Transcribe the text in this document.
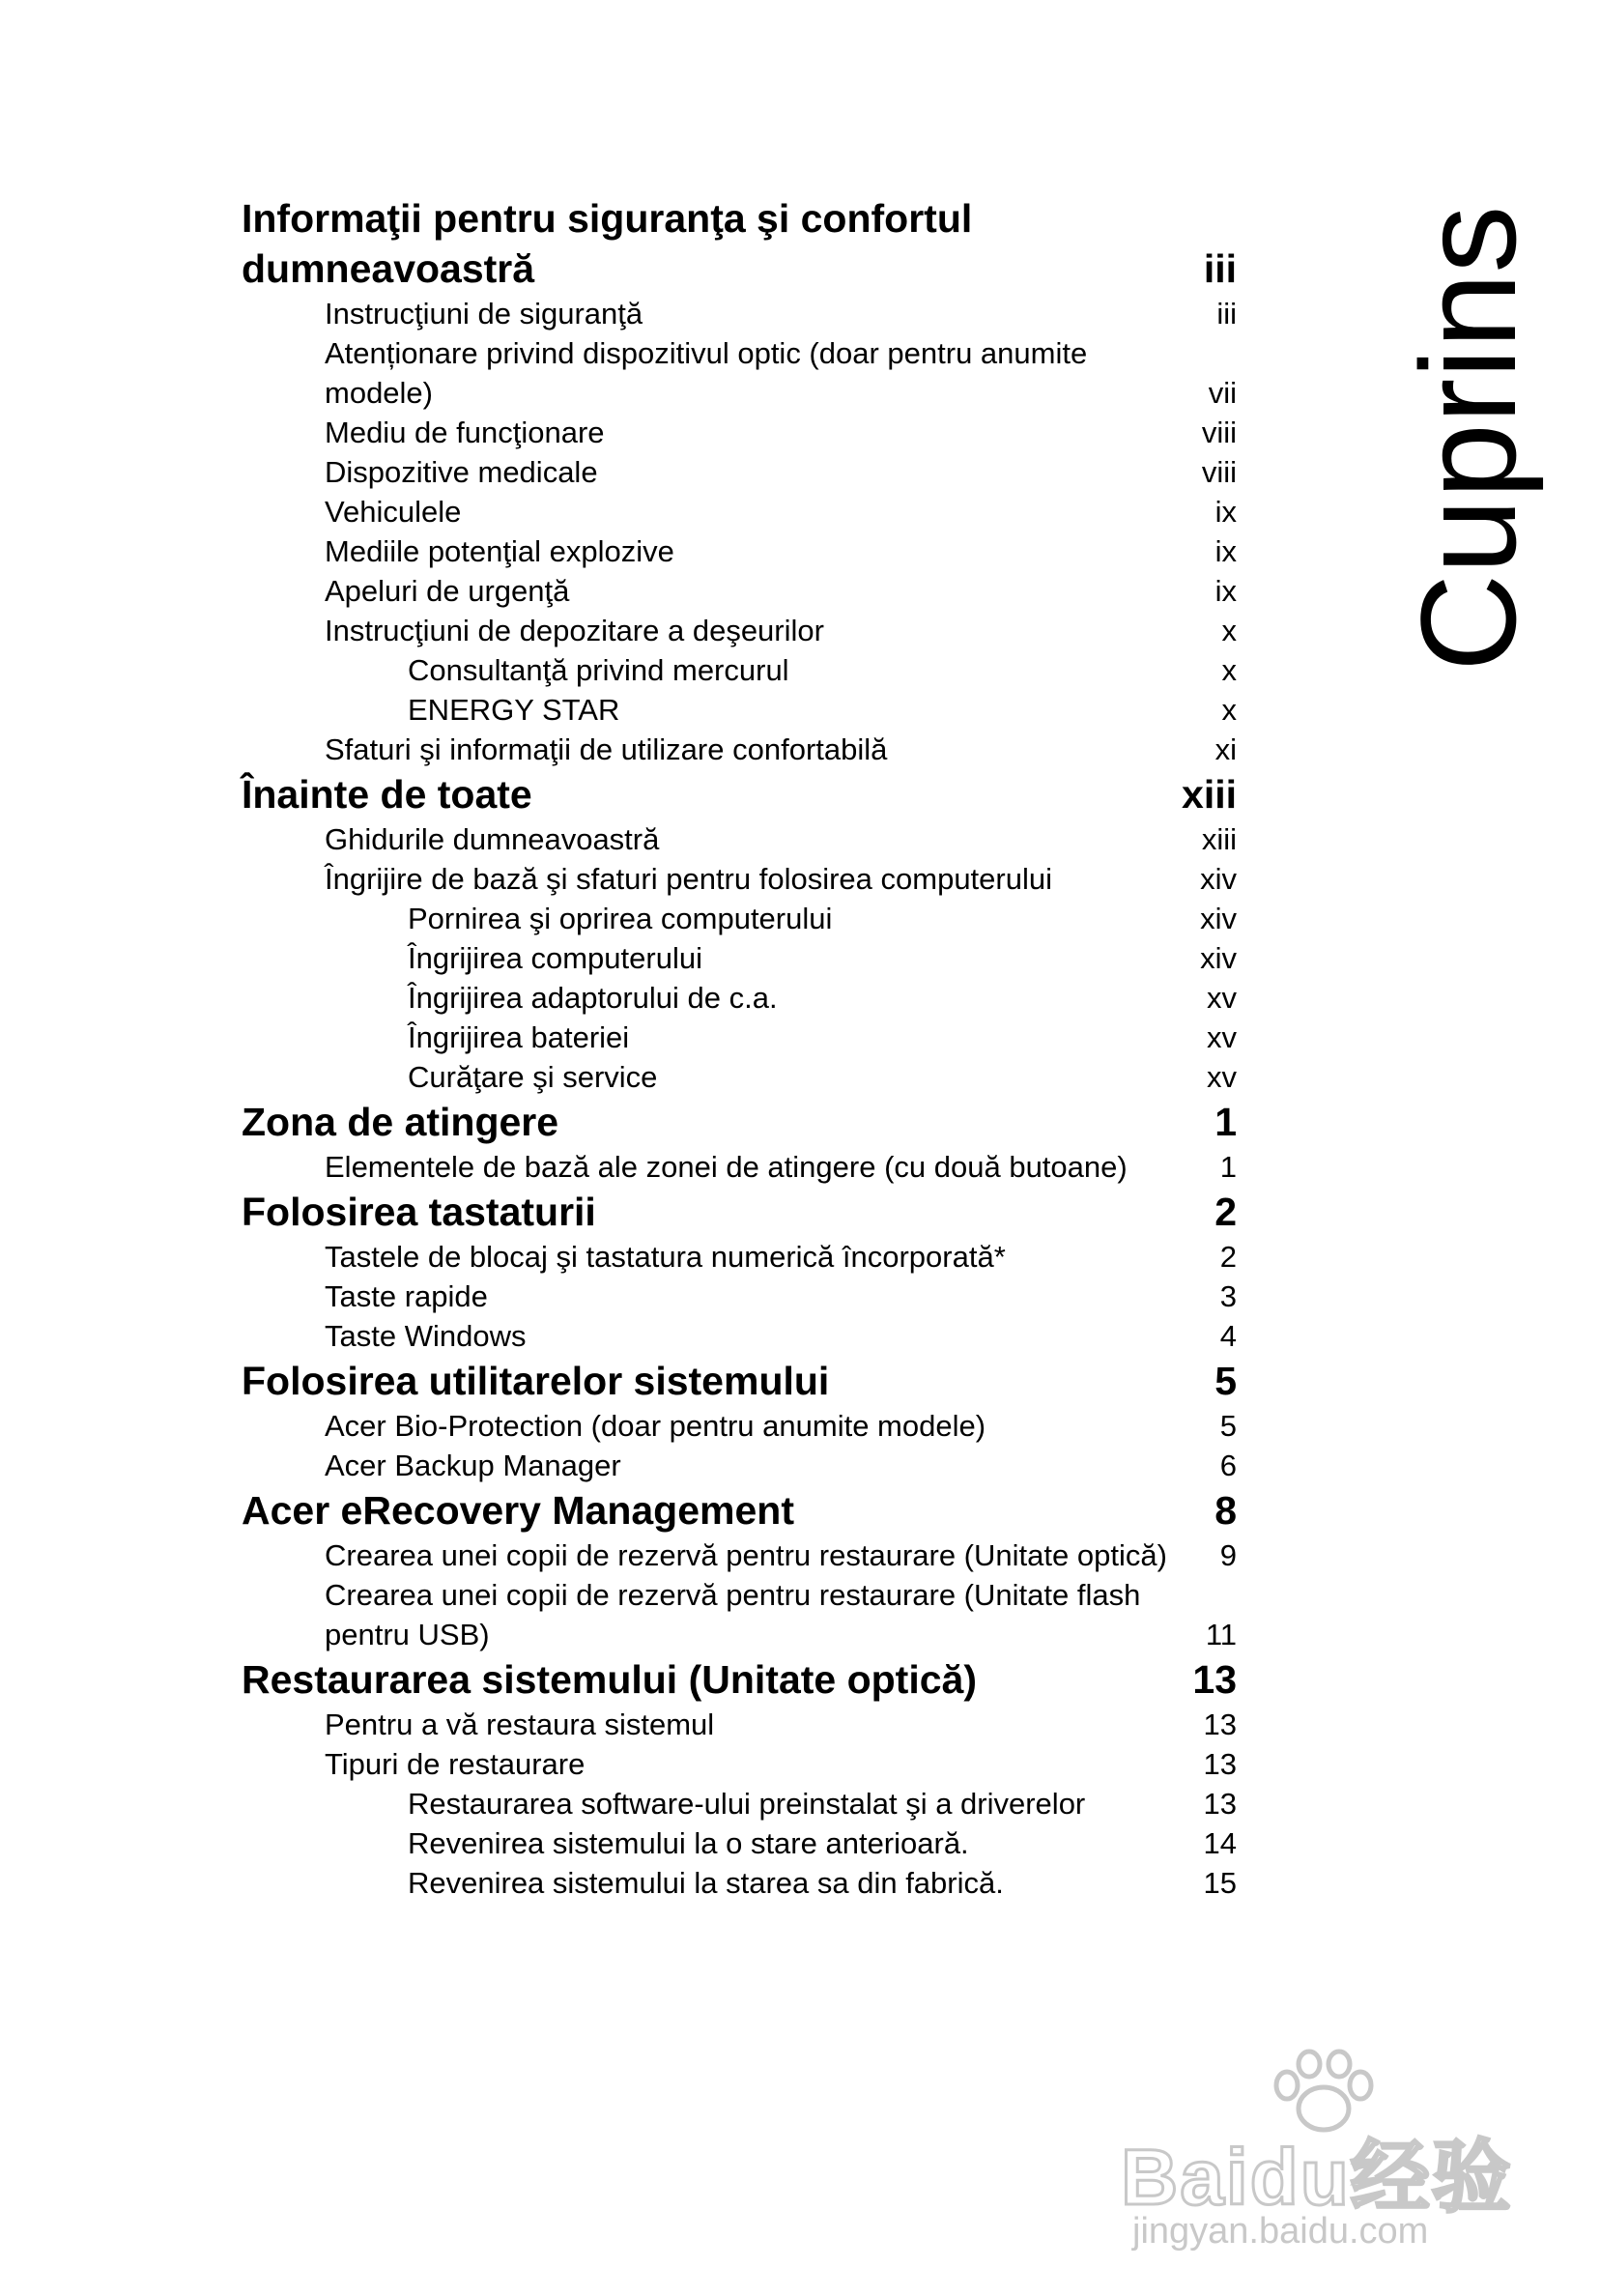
Informaţii pentru siguranţa şi confortul dumneavoastră	iii
Instrucţiuni de siguranţă	iii
Atenționare privind dispozitivul optic (doar pentru anumite modele)	vii
Mediu de funcţionare	viii
Dispozitive medicale	viii
Vehiculele	ix
Mediile potenţial explozive	ix
Apeluri de urgenţă	ix
Instrucţiuni de depozitare a deşeurilor	x
Consultanţă privind mercurul	x
ENERGY STAR	x
Sfaturi şi informaţii de utilizare confortabilă	xi
Înainte de toate	xiii
Ghidurile dumneavoastră	xiii
Îngrijire de bază şi sfaturi pentru folosirea computerului	xiv
Pornirea şi oprirea computerului	xiv
Îngrijirea computerului	xiv
Îngrijirea adaptorului de c.a.	xv
Îngrijirea bateriei	xv
Curăţare şi service	xv
Zona de atingere	1
Elementele de bază ale zonei de atingere (cu două butoane)	1
Folosirea tastaturii	2
Tastele de blocaj şi tastatura numerică încorporată*	2
Taste rapide	3
Taste Windows	4
Folosirea utilitarelor sistemului	5
Acer Bio-Protection (doar pentru anumite modele)	5
Acer Backup Manager	6
Acer eRecovery Management	8
Crearea unei copii de rezervă pentru restaurare (Unitate optică)	9
Crearea unei copii de rezervă pentru restaurare (Unitate flash pentru USB)	11
Restaurarea sistemului (Unitate optică)	13
Pentru a vă restaura sistemul	13
Tipuri de restaurare	13
Restaurarea software-ului preinstalat şi a driverelor	13
Revenirea sistemului la o stare anterioară.	14
Revenirea sistemului la starea sa din fabrică.	15
Cuprins
Baidu经验
jingyan.baidu.com
